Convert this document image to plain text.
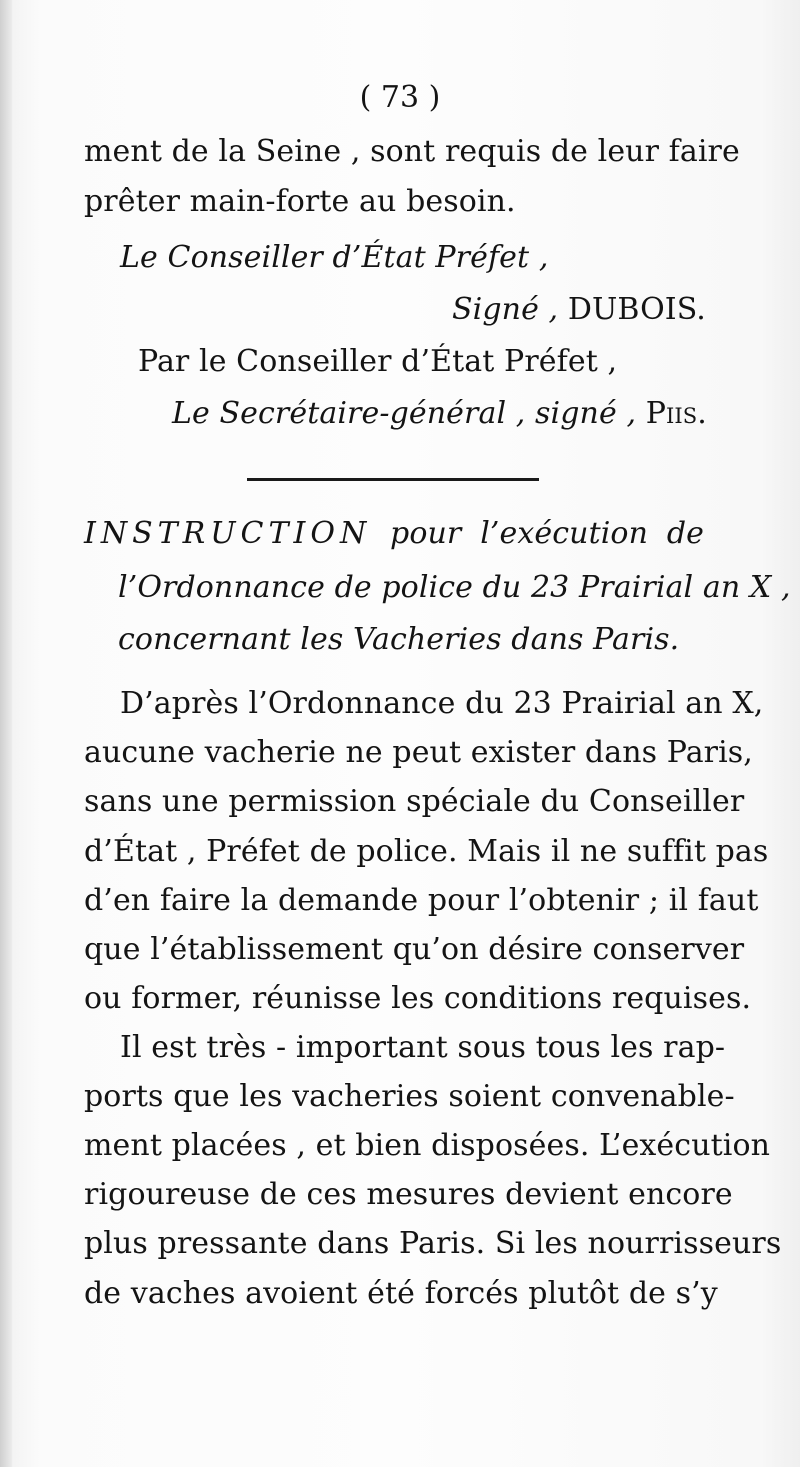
( 73 )
ment de la Seine , sont requis de leur faire
prêter main-forte au besoin.
Le Conseiller d’État Préfet ,
Signé , DUBOIS.
Par le Conseiller d’État Préfet ,
Le Secrétaire-général , signé , Piis.
INSTRUCTION pour l’exécution de
l’Ordonnance de police du 23 Prairial an X ,
concernant les Vacheries dans Paris.
D’après l’Ordonnance du 23 Prairial an X,
aucune vacherie ne peut exister dans Paris,
sans une permission spéciale du Conseiller
d’État , Préfet de police. Mais il ne suffit pas
d’en faire la demande pour l’obtenir ; il faut
que l’établissement qu’on désire conserver
ou former, réunisse les conditions requises.
Il est très - important sous tous les rap-
ports que les vacheries soient convenable-
ment placées , et bien disposées. L’exécution
rigoureuse de ces mesures devient encore
plus pressante dans Paris. Si les nourrisseurs
de vaches avoient été forcés plutôt de s’y
